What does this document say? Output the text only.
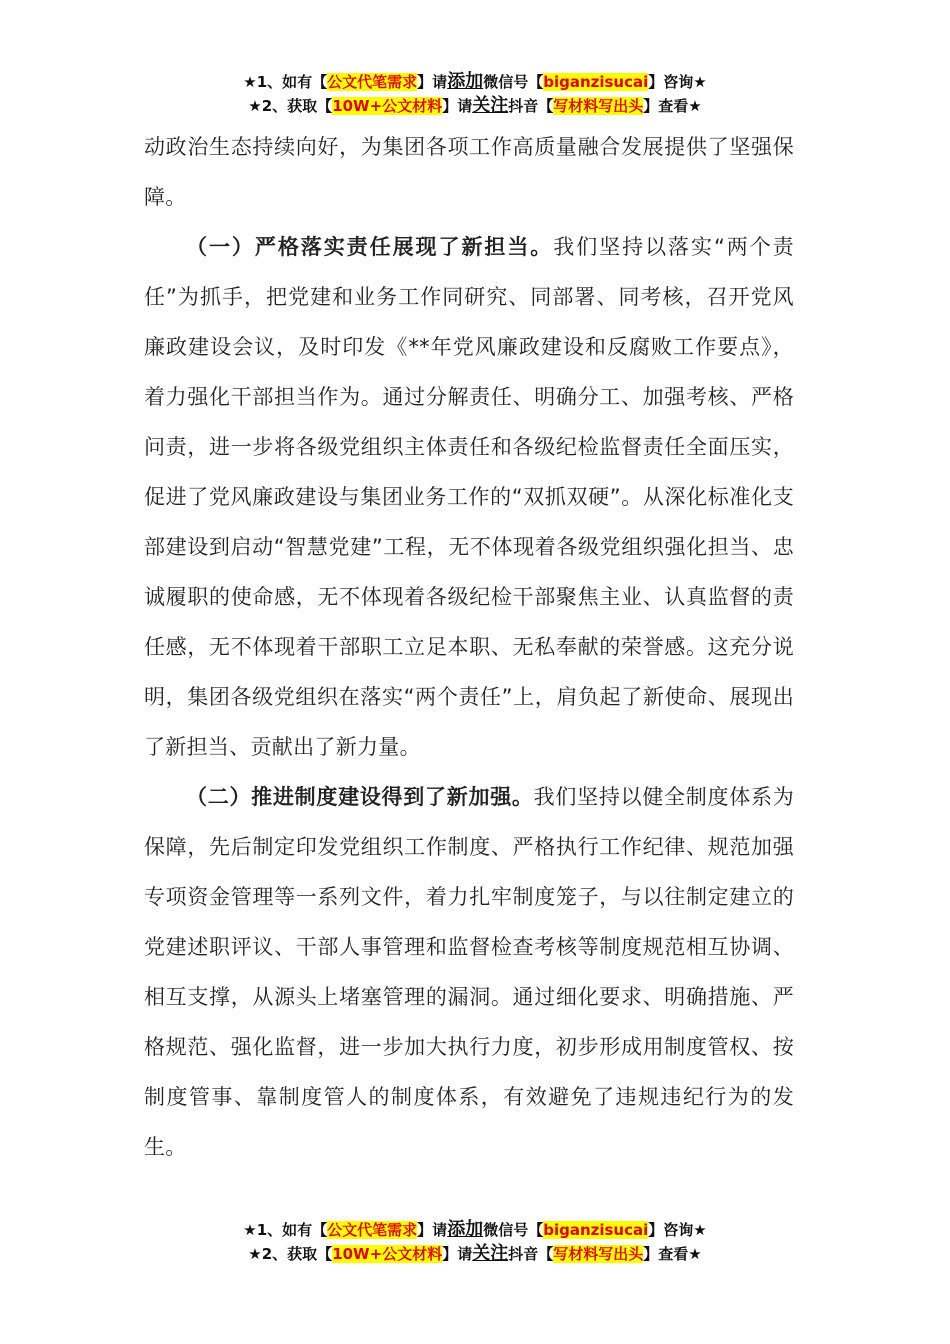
★1、如有【公文代笔需求】请添加微信号【biganzisucai】咨询★
★2、获取【10W+公文材料】请关注抖音【写材料写出头】查看★

动政治生态持续向好，为集团各项工作高质量融合发展提供了坚强保障。

（一）严格落实责任展现了新担当。我们坚持以落实“两个责任”为抓手，把党建和业务工作同研究、同部署、同考核，召开党风廉政建设会议，及时印发《**年党风廉政建设和反腐败工作要点》，着力强化干部担当作为。通过分解责任、明确分工、加强考核、严格问责，进一步将各级党组织主体责任和各级纪检监督责任全面压实，促进了党风廉政建设与集团业务工作的“双抓双硬”。从深化标准化支部建设到启动“智慧党建”工程，无不体现着各级党组织强化担当、忠诚履职的使命感，无不体现着各级纪检干部聚焦主业、认真监督的责任感，无不体现着干部职工立足本职、无私奉献的荣誉感。这充分说明，集团各级党组织在落实“两个责任”上，肩负起了新使命、展现出了新担当、贡献出了新力量。

（二）推进制度建设得到了新加强。我们坚持以健全制度体系为保障，先后制定印发党组织工作制度、严格执行工作纪律、规范加强专项资金管理等一系列文件，着力扎牢制度笼子，与以往制定建立的党建述职评议、干部人事管理和监督检查考核等制度规范相互协调、相互支撑，从源头上堵塞管理的漏洞。通过细化要求、明确措施、严格规范、强化监督，进一步加大执行力度，初步形成用制度管权、按制度管事、靠制度管人的制度体系，有效避免了违规违纪行为的发生。

★1、如有【公文代笔需求】请添加微信号【biganzisucai】咨询★
★2、获取【10W+公文材料】请关注抖音【写材料写出头】查看★
